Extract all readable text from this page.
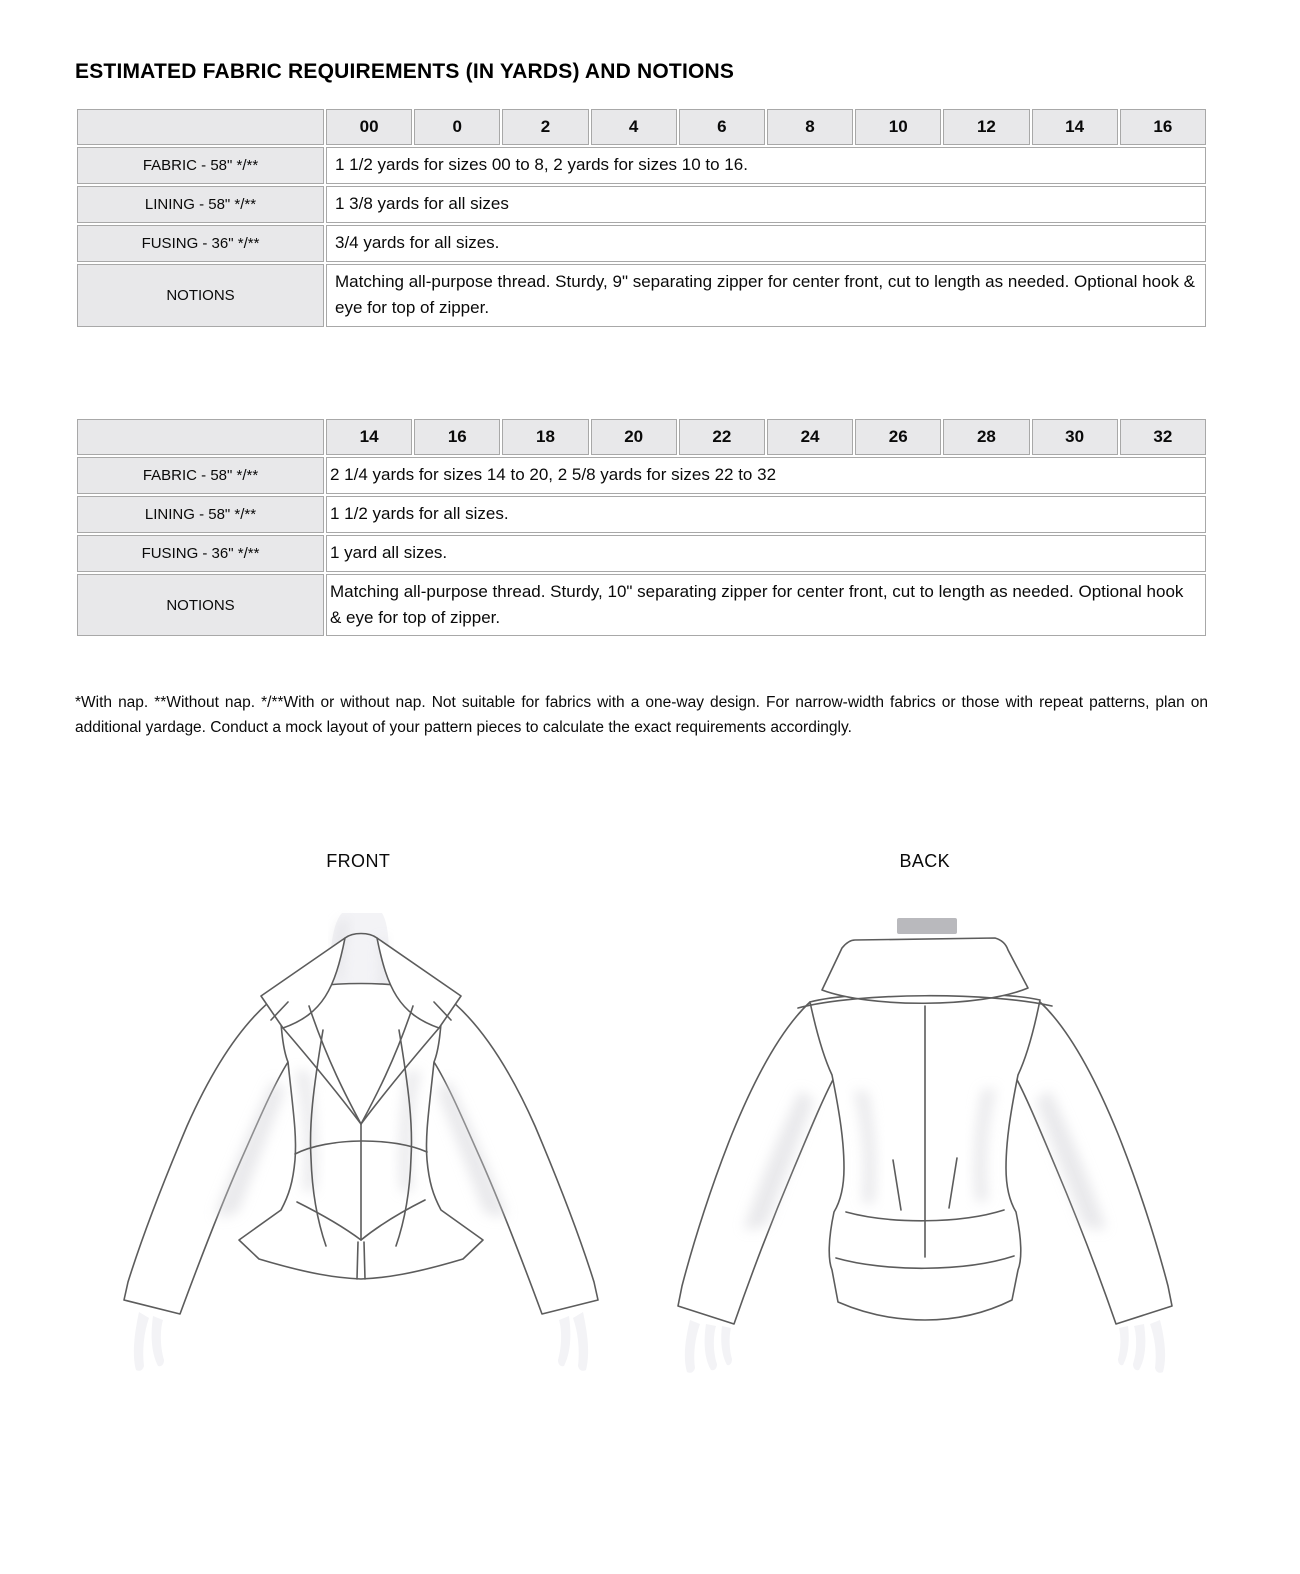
ESTIMATED FABRIC REQUIREMENTS (IN YARDS) AND NOTIONS
	00	0	2	4	6	8	10	12	14	16
FABRIC - 58" */**	1 1/2 yards for sizes 00 to 8, 2 yards for sizes 10 to 16.									
LINING - 58" */**	1 3/8 yards for all sizes									
FUSING - 36" */**	3/4 yards for all sizes.									
NOTIONS	Matching all-purpose thread. Sturdy, 9" separating zipper for center front, cut to length as needed. Optional hook & eye for top of zipper.									
	14	16	18	20	22	24	26	28	30	32
FABRIC - 58" */**	2 1/4 yards for sizes 14 to 20, 2 5/8 yards for sizes 22 to 32									
LINING - 58" */**	1 1/2 yards for all sizes.									
FUSING - 36" */**	1 yard all sizes.									
NOTIONS	Matching all-purpose thread. Sturdy, 10" separating zipper for center front, cut to length as needed. Optional hook & eye for top of zipper.									

*With nap. **Without nap. */**With or without nap. Not suitable for fabrics with a one-way design. For narrow-width fabrics or those with repeat patterns, plan on additional yardage. Conduct a mock layout of your pattern pieces to calculate the exact requirements accordingly.

FRONT	BACK
